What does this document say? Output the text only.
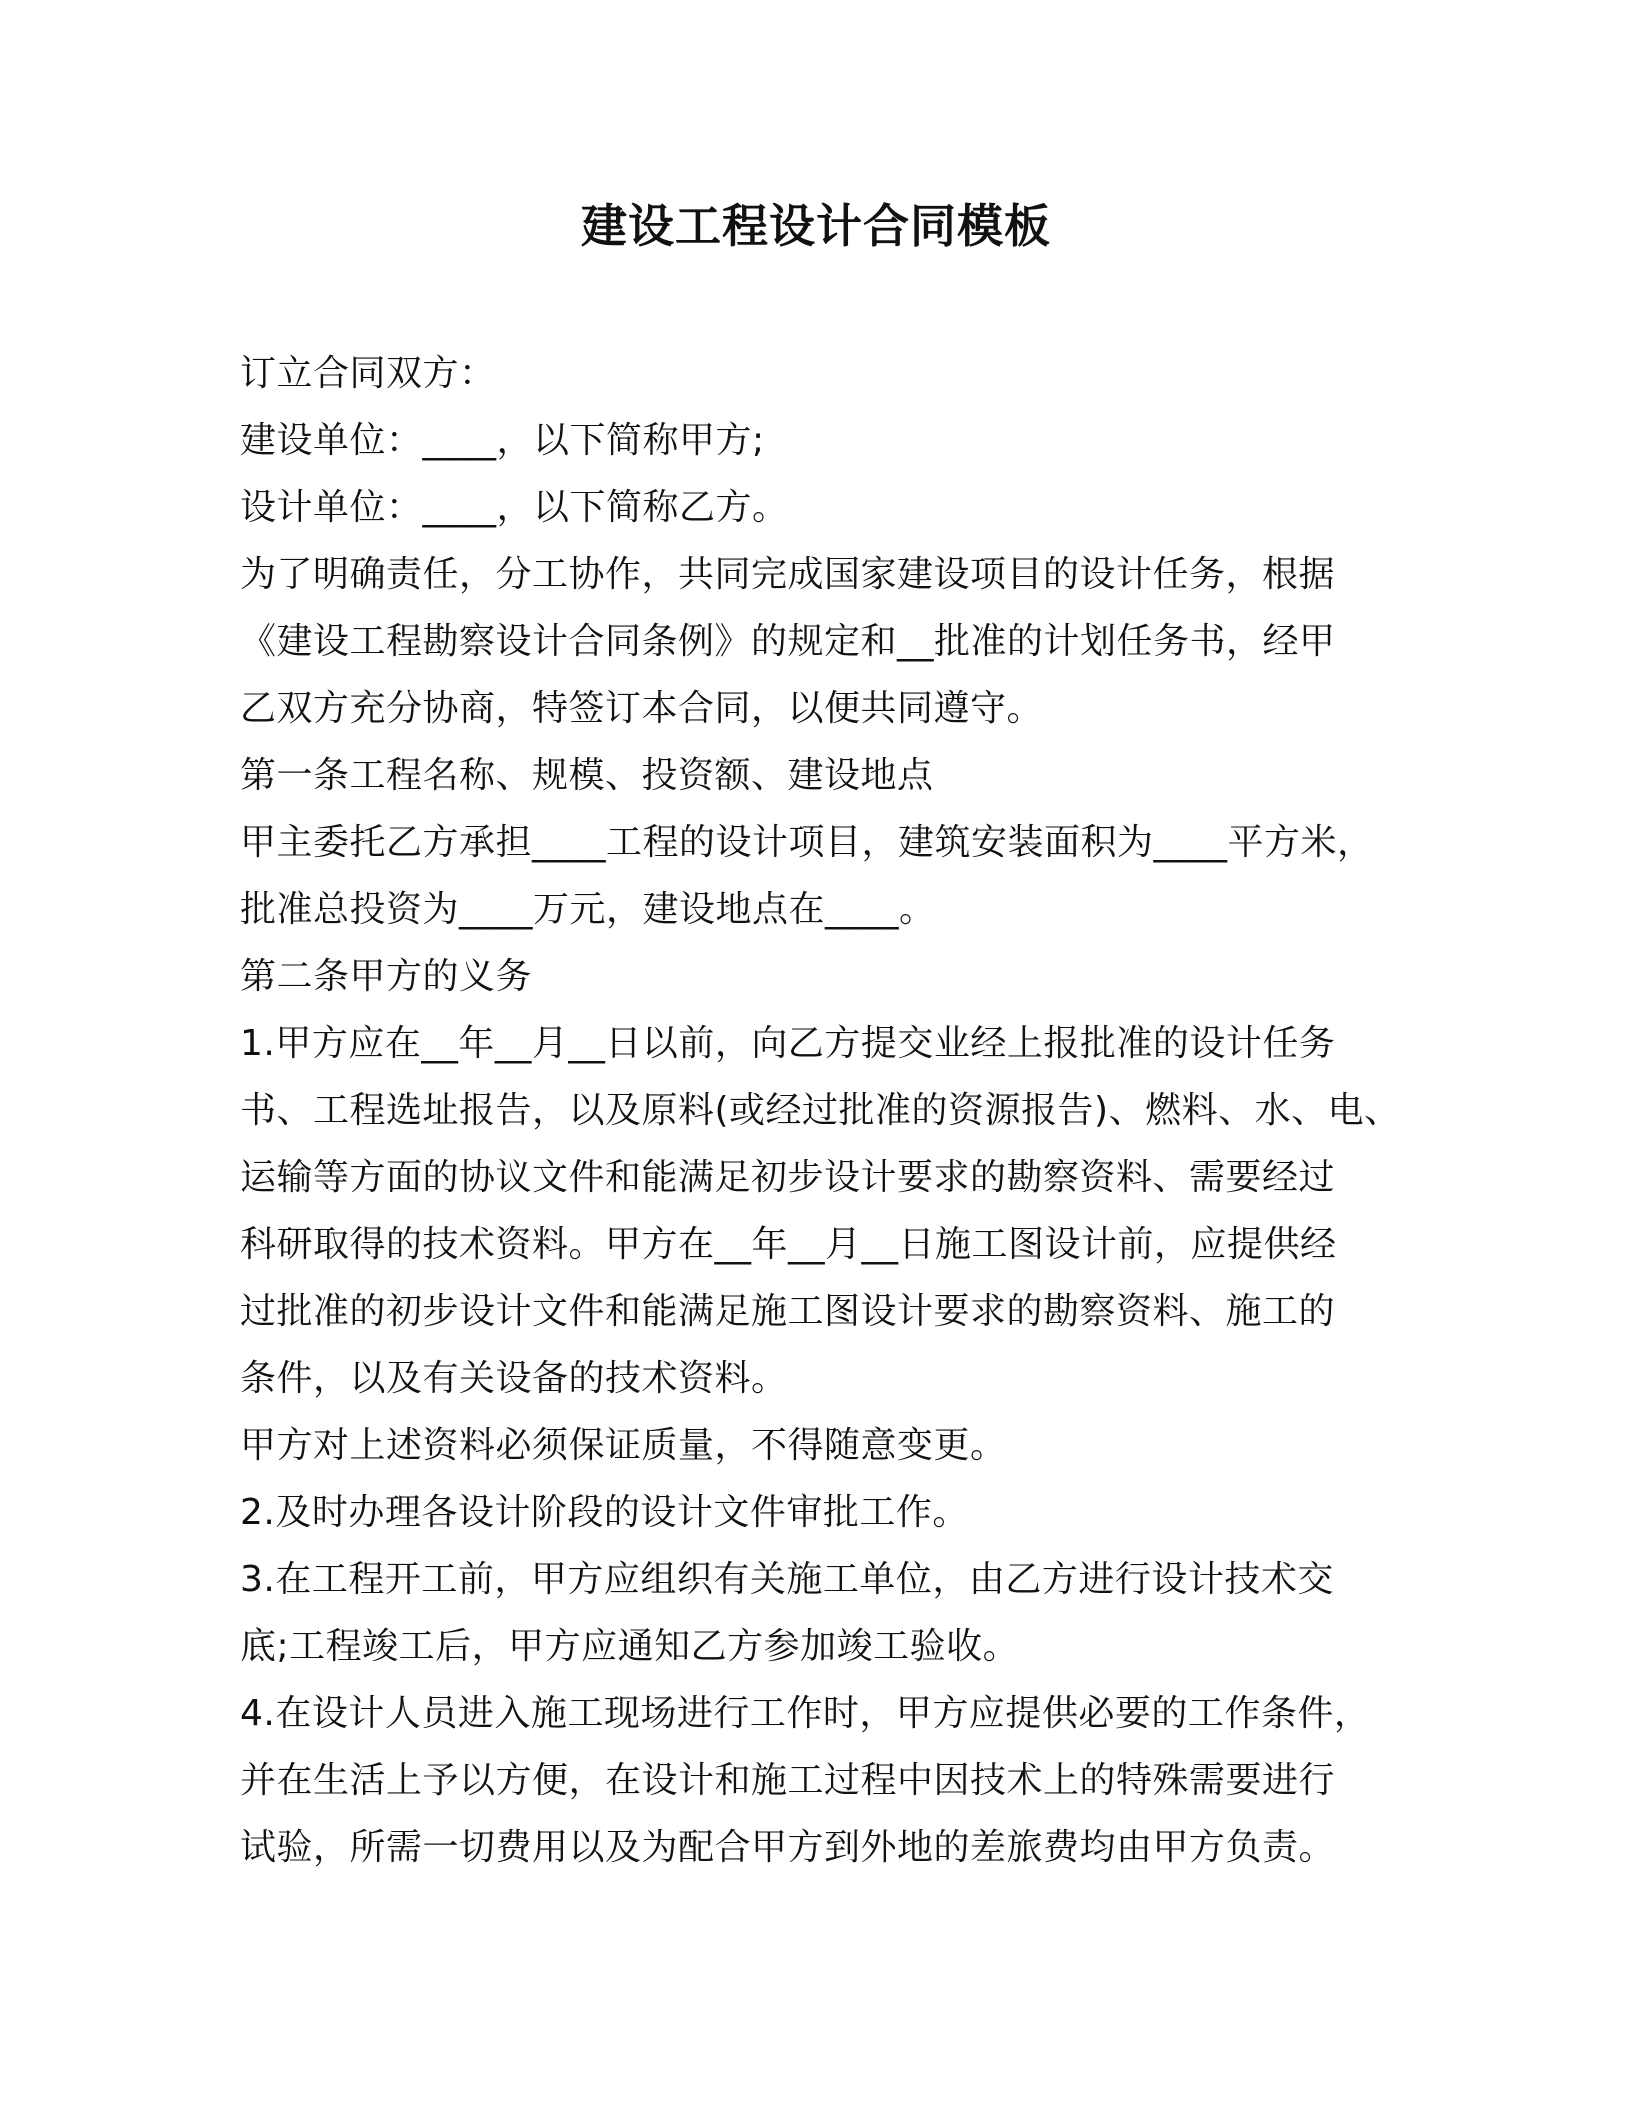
建设工程设计合同模板
订立合同双方：
建设单位：____，以下简称甲方;
设计单位：____，以下简称乙方。
为了明确责任，分工协作，共同完成国家建设项目的设计任务，根据
《建设工程勘察设计合同条例》的规定和__批准的计划任务书，经甲
乙双方充分协商，特签订本合同，以便共同遵守。
第一条工程名称、规模、投资额、建设地点
甲主委托乙方承担____工程的设计项目，建筑安装面积为____平方米，
批准总投资为____万元，建设地点在____。
第二条甲方的义务
1.甲方应在__年__月__日以前，向乙方提交业经上报批准的设计任务
书、工程选址报告，以及原料(或经过批准的资源报告)、燃料、水、电、
运输等方面的协议文件和能满足初步设计要求的勘察资料、需要经过
科研取得的技术资料。甲方在__年__月__日施工图设计前，应提供经
过批准的初步设计文件和能满足施工图设计要求的勘察资料、施工的
条件，以及有关设备的技术资料。
甲方对上述资料必须保证质量，不得随意变更。
2.及时办理各设计阶段的设计文件审批工作。
3.在工程开工前，甲方应组织有关施工单位，由乙方进行设计技术交
底;工程竣工后，甲方应通知乙方参加竣工验收。
4.在设计人员进入施工现场进行工作时，甲方应提供必要的工作条件，
并在生活上予以方便，在设计和施工过程中因技术上的特殊需要进行
试验，所需一切费用以及为配合甲方到外地的差旅费均由甲方负责。
